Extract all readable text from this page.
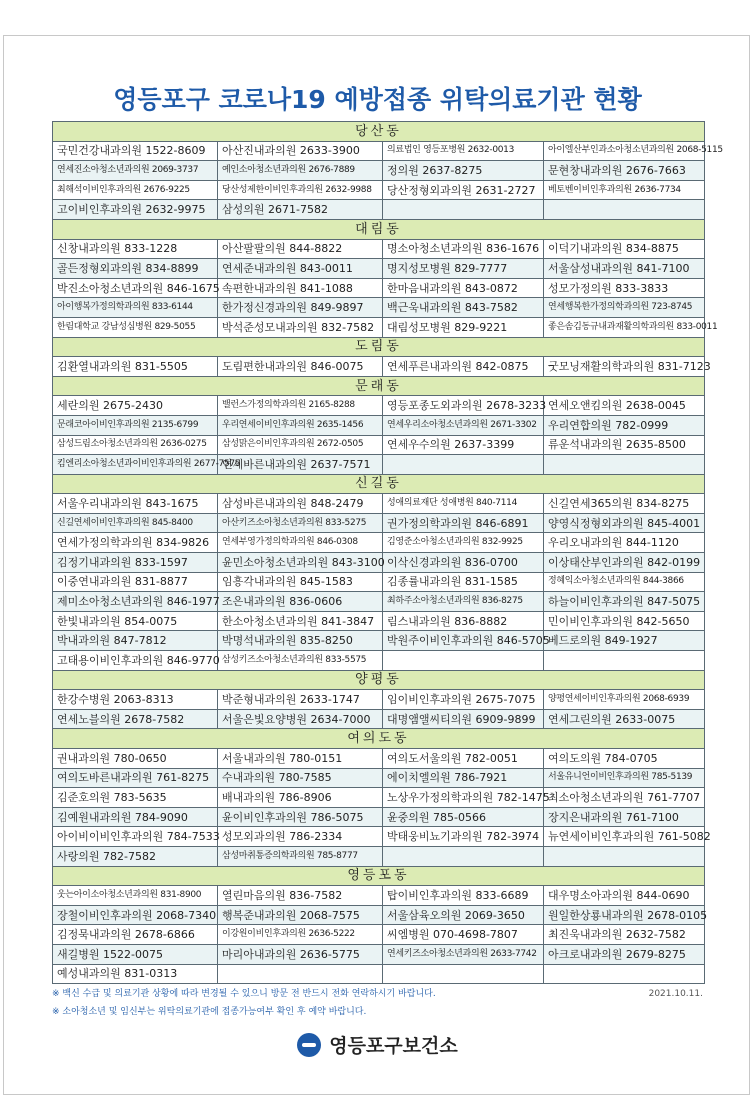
영등포구 코로나19 예방접종 위탁의료기관 현황
당산동			
국민건강내과의원 1522-8609	아산진내과의원 2633-3900	의료법인 영등포병원 2632-0013	아이엘산부인과소아청소년과의원 2068-5115
연세진소아청소년과의원 2069-3737	예인소아청소년과의원 2676-7889	정의원 2637-8275	문현창내과의원 2676-7663
최해석이비인후과의원 2676-9225	당산성제한이비인후과의원 2632-9988	당산정형외과의원 2631-2727	베토벤이비인후과의원 2636-7734
고이비인후과의원 2632-9975	삼성의원 2671-7582		
대림동			
신창내과의원 833-1228	아산팔팔의원 844-8822	명소아청소년과의원 836-1676	이덕기내과의원 834-8875
골든정형외과의원 834-8899	연세준내과의원 843-0011	명지성모병원 829-7777	서울삼성내과의원 841-7100
박진소아청소년과의원 846-1675	속편한내과의원 841-1088	한마음내과의원 843-0872	성모가정의원 833-3833
아이행복가정의학과의원 833-6144	한가정신경과의원 849-9897	백근욱내과의원 843-7582	연세행복한가정의학과의원 723-8745
한림대학교 강남성심병원 829-5055	박석준성모내과의원 832-7582	대림성모병원 829-9221	좋은솜김동규내과재활의학과의원 833-0011
도림동			
김환열내과의원 831-5505	도림편한내과의원 846-0075	연세푸른내과의원 842-0875	굿모닝재활의학과의원 831-7123
문래동			
세란의원 2675-2430	밸런스가정의학과의원 2165-8288	영등포종도외과의원 2678-3233	연세오앤킴의원 2638-0045
문래코아이비인후과의원 2135-6799	우리연세이비인후과의원 2635-1456	연세우리소아청소년과의원 2671-3302	우리연합의원 782-0999
삼성드림소아청소년과의원 2636-0275	삼성맑은이비인후과의원 2672-0505	연세우수의원 2637-3399	류운석내과의원 2635-8500
킴엔리소아청소년과이비인후과의원 2677-7575	연세바른내과의원 2637-7571		
신길동			
서울우리내과의원 843-1675	삼성바른내과의원 848-2479	성애의료재단 성애병원 840-7114	신길연세365의원 834-8275
신길연세이비인후과의원 845-8400	아산키즈소아청소년과의원 833-5275	권가정의학과의원 846-6891	양영식정형외과의원 845-4001
연세가정의학과의원 834-9826	연세부영가정의학과의원 846-0308	김영준소아청소년과의원 832-9925	우리오내과의원 844-1120
김정기내과의원 833-1597	윤민소아청소년과의원 843-3100	이삭신경과의원 836-0700	이상태산부인과의원 842-0199
이중연내과의원 831-8877	임흥각내과의원 845-1583	김종률내과의원 831-1585	정혜익소아청소년과의원 844-3866
제미소아청소년과의원 846-1977	조은내과의원 836-0606	최하주소아청소년과의원 836-8275	하늘이비인후과의원 847-5075
한빛내과의원 854-0075	한소아청소년과의원 841-3847	림스내과의원 836-8882	민이비인후과의원 842-5650
박내과의원 847-7812	박명석내과의원 835-8250	박원주이비인후과의원 846-5705	베드로의원 849-1927
고태용이비인후과의원 846-9770	삼성키즈소아청소년과의원 833-5575		
양평동			
한강수병원 2063-8313	박준형내과의원 2633-1747	임이비인후과의원 2675-7075	양평연세이비인후과의원 2068-6939
연세노블의원 2678-7582	서울은빛요양병원 2634-7000	대명앰앨씨티의원 6909-9899	연세그린의원 2633-0075
여의도동			
권내과의원 780-0650	서울내과의원 780-0151	여의도서울의원 782-0051	여의도의원 784-0705
여의도바른내과의원 761-8275	수내과의원 780-7585	에이치엘의원 786-7921	서울유니언이비인후과의원 785-5139
김준호의원 783-5635	배내과의원 786-8906	노상우가정의학과의원 782-1475	최소아청소년과의원 761-7707
김예원내과의원 784-9090	윤이비인후과의원 786-5075	윤중의원 785-0566	장지은내과의원 761-7100
아이비이비인후과의원 784-7533	성모외과의원 786-2334	박태웅비뇨기과의원 782-3974	뉴연세이비인후과의원 761-5082
사랑의원 782-7582	삼성마취통증의학과의원 785-8777		
영등포동			
웃는아이소아청소년과의원 831-8900	열린마음의원 836-7582	탑이비인후과의원 833-6689	대우명소아과의원 844-0690
장철이비인후과의원 2068-7340	행복준내과의원 2068-7575	서울삼육오의원 2069-3650	원일한상룡내과의원 2678-0105
김정묵내과의원 2678-6866	이강원이비인후과의원 2636-5222	씨엠병원 070-4698-7807	최진욱내과의원 2632-7582
새길병원 1522-0075	마리아내과의원 2636-5775	연세키즈소아청소년과의원 2633-7742	아크로내과의원 2679-8275
예성내과의원 831-0313			
※ 백신 수급 및 의료기관 상황에 따라 변경될 수 있으니 방문 전 반드시 전화 연락하시기 바랍니다.
※ 소아청소년 및 임신부는 위탁의료기관에 접종가능여부 확인 후 예약 바랍니다.
2021.10.11.
영등포구보건소
